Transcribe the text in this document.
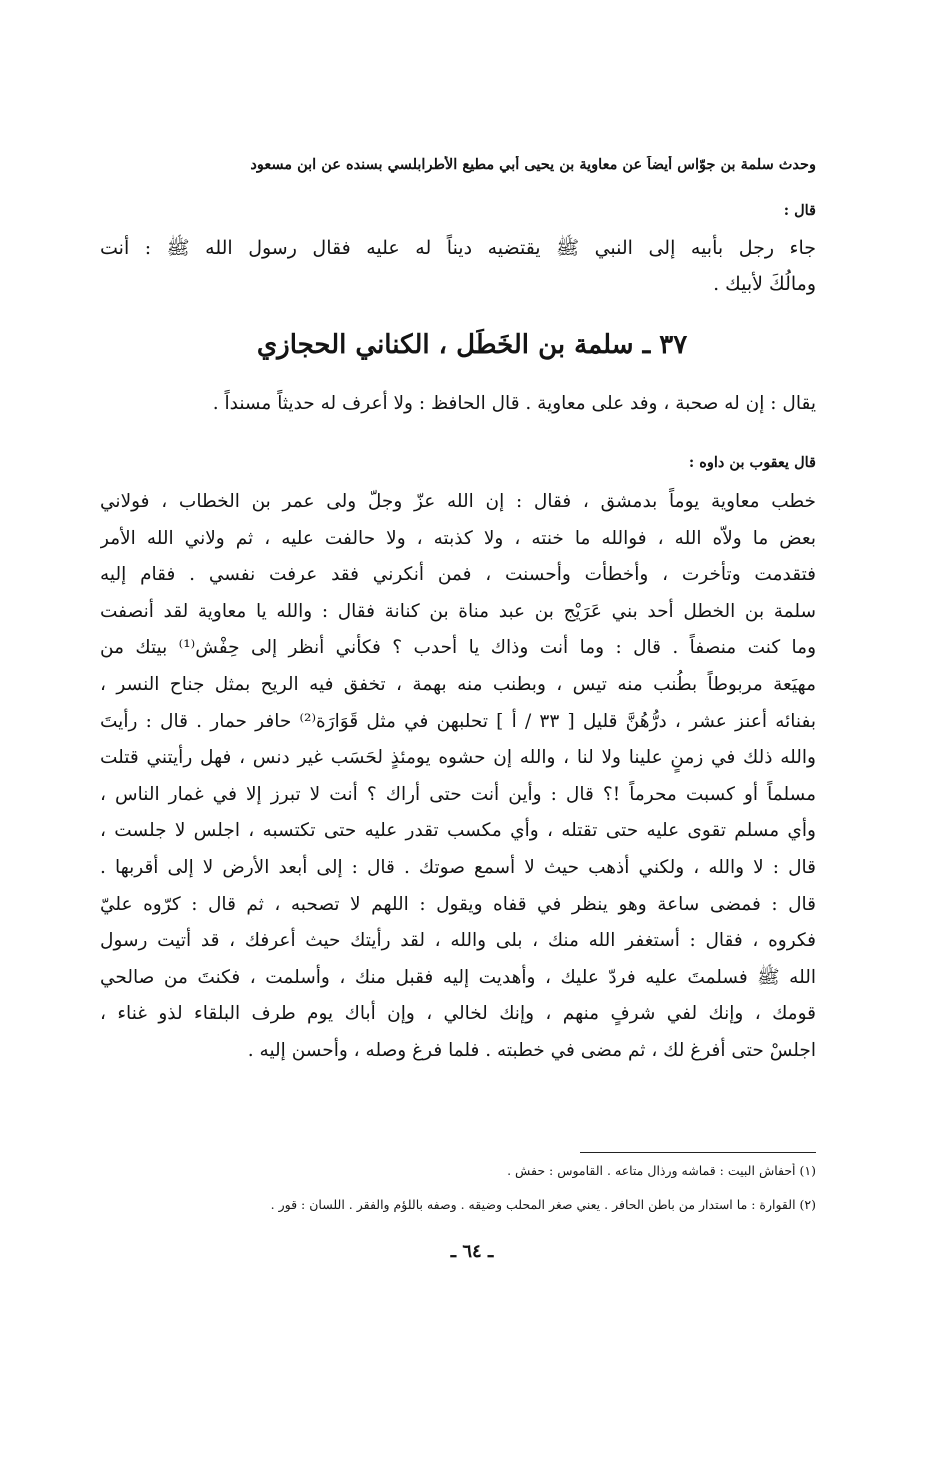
وحدث سلمة بن جوّاس أيضاً عن معاوية بن يحيى أبي مطيع الأطرابلسي بسنده عن ابن مسعود
قال :
جاء رجل بأبيه إلى النبي ﷺ يقتضيه ديناً له عليه فقال رسول الله ﷺ : أنت
ومالُكَ لأبيك .
٣٧ ـ سلمة بن الخَطَل ، الكناني الحجازي

يقال : إن له صحبة ، وفد على معاوية . قال الحافظ : ولا أعرف له حديثاً مسنداً .

قال يعقوب بن داوه :

خطب معاوية يوماً بدمشق ، فقال : إن الله عزّ وجلّ ولى عمر بن الخطاب ، فولاني
بعض ما ولاّه الله ، فوالله ما خنته ، ولا كذبته ، ولا حالفت عليه ، ثم ولاني الله الأمر
فتقدمت وتأخرت ، وأخطأت وأحسنت ، فمن أنكرني فقد عرفت نفسي . فقام إليه
سلمة بن الخطل أحد بني عَرَيْج بن عبد مناة بن كنانة فقال : والله يا معاوية لقد أنصفت
وما كنت منصفاً . قال : وما أنت وذاك يا أحدب ؟ فكأني أنظر إلى حِفْش⁽¹⁾ بيتك من
مهيَعة مربوطاً بطُنب منه تيس ، وبطنب منه بهمة ، تخفق فيه الريح بمثل جناح النسر ،
بفنائه أعنز عشر ، درُّهُنَّ قليل [ ٣٣ / أ ] تحلبهن في مثل قَوَارَة⁽²⁾ حافر حمار . قال : رأيتَ
والله ذلك في زمنٍ علينا ولا لنا ، والله إن حشوه يومئذٍ لحَسَب غير دنس ، فهل رأيتني قتلت
مسلماً أو كسبت محرماً !؟ قال : وأين أنت حتى أراك ؟ أنت لا تبرز إلا في غمار الناس ،
وأي مسلم تقوى عليه حتى تقتله ، وأي مكسب تقدر عليه حتى تكتسبه ، اجلس لا جلست ،
قال : لا والله ، ولكني أذهب حيث لا أسمع صوتك . قال : إلى أبعد الأرض لا إلى أقربها .
قال : فمضى ساعة وهو ينظر في قفاه ويقول : اللهم لا تصحبه ، ثم قال : كرّوه عليّ
فكروه ، فقال : أستغفر الله منك ، بلى والله ، لقد رأيتك حيث أعرفك ، قد أتيت رسول
الله ﷺ فسلمتَ عليه فردّ عليك ، وأهديت إليه فقبل منك ، وأسلمت ، فكنتَ من صالحي
قومك ، وإنك لفي شرفٍ منهم ، وإنك لخالي ، وإن أباك يوم طرف البلقاء لذو غناء ،
اجلسْ حتى أفرغ لك ، ثم مضى في خطبته . فلما فرغ وصله ، وأحسن إليه .

(١) أحفاش البيت : قماشه ورذال متاعه . القاموس : حفش .

(٢) القوارة : ما استدار من باطن الحافر . يعني صغر المحلب وضيقه . وصفه باللؤم والفقر . اللسان : قور .

ـ ٦٤ ـ
